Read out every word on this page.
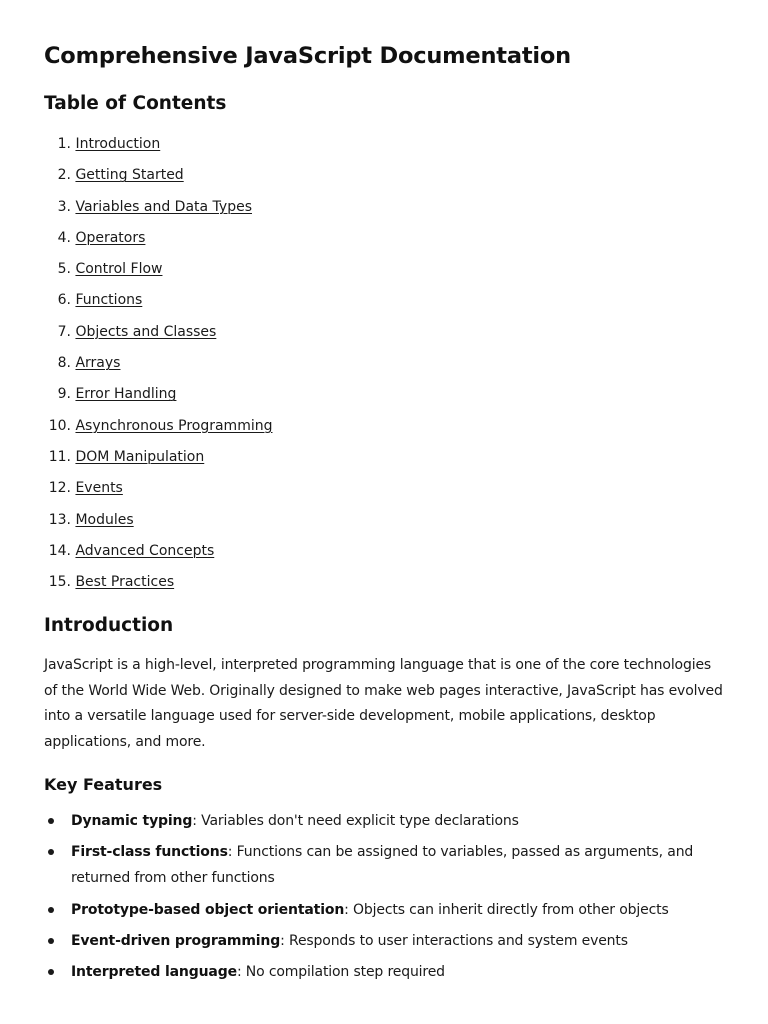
Comprehensive JavaScript Documentation
Table of Contents
1.
Introduction
2.
Getting Started
3.
Variables and Data Types
4.
Operators
5.
Control Flow
6.
Functions
7.
Objects and Classes
8.
Arrays
9.
Error Handling
10.
Asynchronous Programming
11.
DOM Manipulation
12.
Events
13.
Modules
14.
Advanced Concepts
15.
Best Practices
Introduction

JavaScript is a high-level, interpreted programming language that is one of the core technologies of the World Wide Web. Originally designed to make web pages interactive, JavaScript has evolved into a versatile language used for server-side development, mobile applications, desktop applications, and more.

Key Features
Dynamic typing: Variables don't need explicit type declarations
First-class functions: Functions can be assigned to variables, passed as arguments, and returned from other functions
Prototype-based object orientation: Objects can inherit directly from other objects
Event-driven programming: Responds to user interactions and system events
Interpreted language: No compilation step required
